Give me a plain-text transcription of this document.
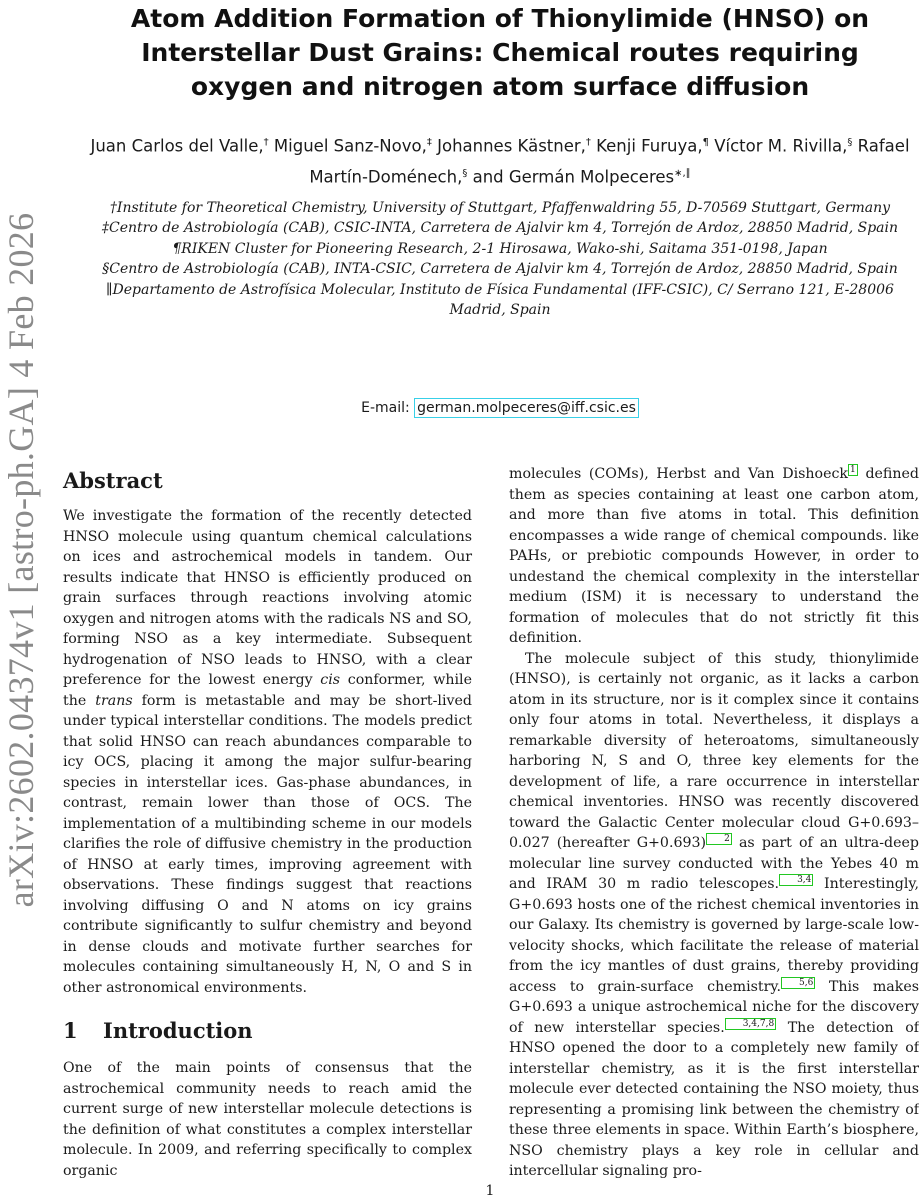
arXiv:2602.04374v1 [astro-ph.GA] 4 Feb 2026
Atom Addition Formation of Thionylimide (HNSO) on Interstellar Dust Grains: Chemical routes requiring oxygen and nitrogen atom surface diffusion
Juan Carlos del Valle,† Miguel Sanz-Novo,‡ Johannes Kästner,† Kenji Furuya,¶ Víctor M. Rivilla,§ Rafael Martín-Doménech,§ and Germán Molpeceres∗,∥

†Institute for Theoretical Chemistry, University of Stuttgart, Pfaffenwaldring 55, D-70569 Stuttgart, Germany

‡Centro de Astrobiología (CAB), CSIC-INTA, Carretera de Ajalvir km 4, Torrejón de Ardoz, 28850 Madrid, Spain

¶RIKEN Cluster for Pioneering Research, 2-1 Hirosawa, Wako-shi, Saitama 351-0198, Japan

§Centro de Astrobiología (CAB), INTA-CSIC, Carretera de Ajalvir km 4, Torrejón de Ardoz, 28850 Madrid, Spain

∥Departamento de Astrofísica Molecular, Instituto de Física Fundamental (IFF-CSIC), C/ Serrano 121, E-28006 Madrid, Spain

E-mail: german.molpeceres@iff.csic.es
Abstract

We investigate the formation of the recently detected HNSO molecule using quantum chemical calculations on ices and astrochemical models in tandem. Our results indicate that HNSO is efficiently produced on grain surfaces through reactions involving atomic oxygen and nitrogen atoms with the radicals NS and SO, forming NSO as a key intermediate. Subsequent hydrogenation of NSO leads to HNSO, with a clear preference for the lowest energy cis conformer, while the trans form is metastable and may be short-lived under typical interstellar conditions. The models predict that solid HNSO can reach abundances comparable to icy OCS, placing it among the major sulfur-bearing species in interstellar ices. Gas-phase abundances, in contrast, remain lower than those of OCS. The implementation of a multibinding scheme in our models clarifies the role of diffusive chemistry in the production of HNSO at early times, improving agreement with observations. These findings suggest that reactions involving diffusing O and N atoms on icy grains contribute significantly to sulfur chemistry and beyond in dense clouds and motivate further searches for molecules containing simultaneously H, N, O and S in other astronomical environments.

1 Introduction

One of the main points of consensus that the astrochemical community needs to reach amid the current surge of new interstellar molecule detections is the definition of what constitutes a complex interstellar molecule. In 2009, and referring specifically to complex organic

molecules (COMs), Herbst and Van Dishoeck 1 defined them as species containing at least one carbon atom, and more than five atoms in total. This definition encompasses a wide range of chemical compounds. like PAHs, or prebiotic compounds However, in order to undestand the chemical complexity in the interstellar medium (ISM) it is necessary to understand the formation of molecules that do not strictly fit this definition.

The molecule subject of this study, thionylimide (HNSO), is certainly not organic, as it lacks a carbon atom in its structure, nor is it complex since it contains only four atoms in total. Nevertheless, it displays a remarkable diversity of heteroatoms, simultaneously harboring N, S and O, three key elements for the development of life, a rare occurrence in interstellar chemical inventories. HNSO was recently discovered toward the Galactic Center molecular cloud G+0.693–0.027 (hereafter G+0.693) 2 as part of an ultra-deep molecular line survey conducted with the Yebes 40 m and IRAM 30 m radio telescopes. 3,4 Interestingly, G+0.693 hosts one of the richest chemical inventories in our Galaxy. Its chemistry is governed by large-scale low-velocity shocks, which facilitate the release of material from the icy mantles of dust grains, thereby providing access to grain-surface chemistry. 5,6 This makes G+0.693 a unique astrochemical niche for the discovery of new interstellar species. 3,4,7,8 The detection of HNSO opened the door to a completely new family of interstellar chemistry, as it is the first interstellar molecule ever detected containing the NSO moiety, thus representing a promising link between the chemistry of these three elements in space. Within Earth’s biosphere, NSO chemistry plays a key role in cellular and intercellular signaling pro-

1
